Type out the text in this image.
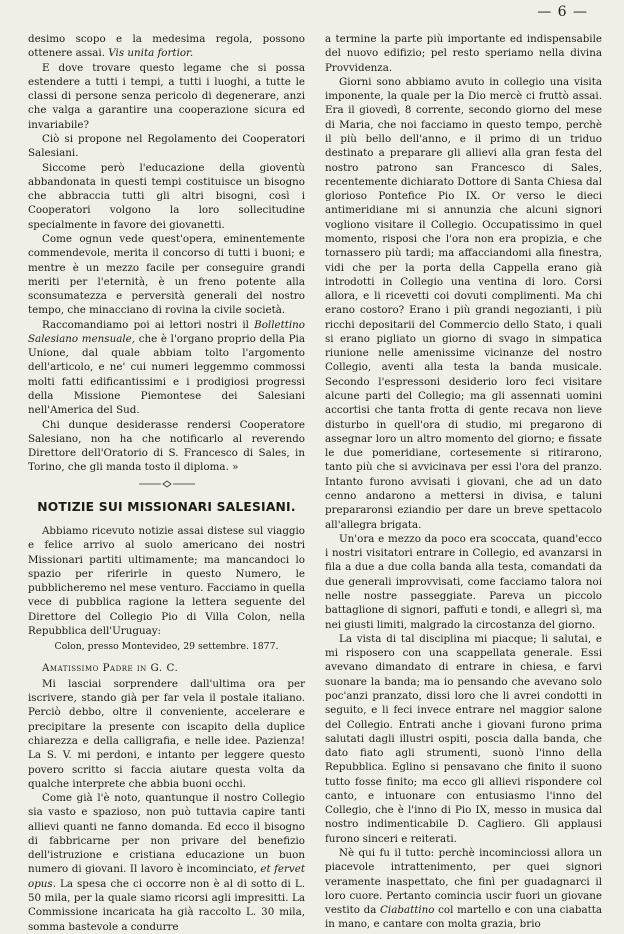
— 6 —

desimo scopo e la medesima regola, possono ottenere assai. Vis unita fortior.

E dove trovare questo legame che si possa estendere a tutti i tempi, a tutti i luoghi, a tutte le classi di persone senza pericolo di degenerare, anzi che valga a garantire una cooperazione sicura ed invariabile?

Ciò si propone nel Regolamento dei Cooperatori Salesiani.

Siccome però l'educazione della gioventù abbandonata in questi tempi costituisce un bisogno che abbraccia tutti gli altri bisogni, così i Cooperatori volgono la loro sollecitudine specialmente in favore dei giovanetti.

Come ognun vede quest'opera, eminentemente commendevole, merita il concorso di tutti i buoni; e mentre è un mezzo facile per conseguire grandi meriti per l'eternità, è un freno potente alla sconsumatezza e perversità generali del nostro tempo, che minacciano di rovina la civile società.

Raccomandiamo poi ai lettori nostri il Bollettino Salesiano mensuale, che è l'organo proprio della Pia Unione, dal quale abbiam tolto l'argomento dell'articolo, e ne' cui numeri leggemmo commossi molti fatti edificantissimi e i prodigiosi progressi della Missione Piemontese dei Salesiani nell'America del Sud.

Chi dunque desiderasse rendersi Cooperatore Salesiano, non ha che notificarlo al reverendo Direttore dell'Oratorio di S. Francesco di Sales, in Torino, che gli manda tosto il diploma. »

NOTIZIE SUI MISSIONARI SALESIANI.

Abbiamo ricevuto notizie assai distese sul viaggio e felice arrivo al suolo americano dei nostri Missionari partiti ultimamente; ma mancandoci lo spazio per riferirle in questo Numero, le pubblicheremo nel mese venturo. Facciamo in quella vece di pubblica ragione la lettera seguente del Direttore del Collegio Pio di Villa Colon, nella Repubblica dell'Uruguay:

Colon, presso Montevideo, 29 settembre. 1877.
Amatissimo Padre in G. C.

Mi lasciai sorprendere dall'ultima ora per iscrivere, stando già per far vela il postale italiano. Perciò debbo, oltre il conveniente, accelerare e precipitare la presente con iscapito della duplice chiarezza e della calligrafia, e nelle idee. Pazienza! La S. V. mi perdoni, e intanto per leggere questo povero scritto si faccia aiutare questa volta da qualche interprete che abbia buoni occhi.

Come già l'è noto, quantunque il nostro Collegio sia vasto e spazioso, non può tuttavia capire tanti allievi quanti ne fanno domanda. Ed ecco il bisogno di fabbricarne per non privare del benefizio dell'istruzione e cristiana educazione un buon numero di giovani. Il lavoro è incominciato, et fervet opus. La spesa che ci occorre non è al di sotto di L. 50 mila, per la quale siamo ricorsi agli impresitti. La Commissione incaricata ha già raccolto L. 30 mila, somma bastevole a condurre

a termine la parte più importante ed indispensabile del nuovo edifizio; pel resto speriamo nella divina Provvidenza.

Giorni sono abbiamo avuto in collegio una visita imponente, la quale per la Dio mercè ci fruttò assai. Era il giovedì, 8 corrente, secondo giorno del mese di Maria, che noi facciamo in questo tempo, perchè il più bello dell'anno, e il primo di un triduo destinato a preparare gli allievi alla gran festa del nostro patrono san Francesco di Sales, recentemente dichiarato Dottore di Santa Chiesa dal glorioso Pontefice Pio IX. Or verso le dieci antimeridiane mi si annunzia che alcuni signori vogliono visitare il Collegio. Occupatissimo in quel momento, risposi che l'ora non era propizia, e che tornassero più tardi; ma affacciandomi alla finestra, vidi che per la porta della Cappella erano già introdotti in Collegio una ventina di loro. Corsi allora, e li ricevetti coi dovuti complimenti. Ma chi erano costoro? Erano i più grandi negozianti, i più ricchi depositarii del Commercio dello Stato, i quali si erano pigliato un giorno di svago in simpatica riunione nelle amenissime vicinanze del nostro Collegio, aventi alla testa la banda musicale. Secondo l'espressoni desiderio loro feci visitare alcune parti del Collegio; ma gli assennati uomini accortisi che tanta frotta di gente recava non lieve disturbo in quell'ora di studio, mi pregarono di assegnar loro un altro momento del giorno; e fissate le due pomeridiane, cortesemente si ritirarono, tanto più che si avvicinava per essi l'ora del pranzo. Intanto furono avvisati i giovani, che ad un dato cenno andarono a mettersi in divisa, e taluni prepararonsi eziandio per dare un breve spettacolo all'allegra brigata.

Un'ora e mezzo da poco era scoccata, quand'ecco i nostri visitatori entrare in Collegio, ed avanzarsi in fila a due a due colla banda alla testa, comandati da due generali improvvisati, come facciamo talora noi nelle nostre passeggiate. Pareva un piccolo battaglione di signori, paffuti e tondi, e allegri sì, ma nei giusti limiti, malgrado la circostanza del giorno.

La vista di tal disciplina mi piacque; li salutai, e mi risposero con una scappellata generale. Essi avevano dimandato di entrare in chiesa, e farvi suonare la banda; ma io pensando che avevano solo poc'anzi pranzato, dissi loro che li avrei condotti in seguito, e li feci invece entrare nel maggior salone del Collegio. Entrati anche i giovani furono prima salutati dagli illustri ospiti, poscia dalla banda, che dato fiato agli strumenti, suonò l'inno della Repubblica. Eglino si pensavano che finito il suono tutto fosse finito; ma ecco gli allievi rispondere col canto, e intuonare con entusiasmo l'inno del Collegio, che è l'inno di Pio IX, messo in musica dal nostro indimenticabile D. Cagliero. Gli applausi furono sinceri e reiterati.

Nè qui fu il tutto: perchè incominciossi allora un piacevole intrattenimento, per quei signori veramente inaspettato, che finì per guadagnarci il loro cuore. Pertanto comincia uscir fuori un giovane vestito da Ciabattino col martello e con una ciabatta in mano, e cantare con molta grazia, brio
